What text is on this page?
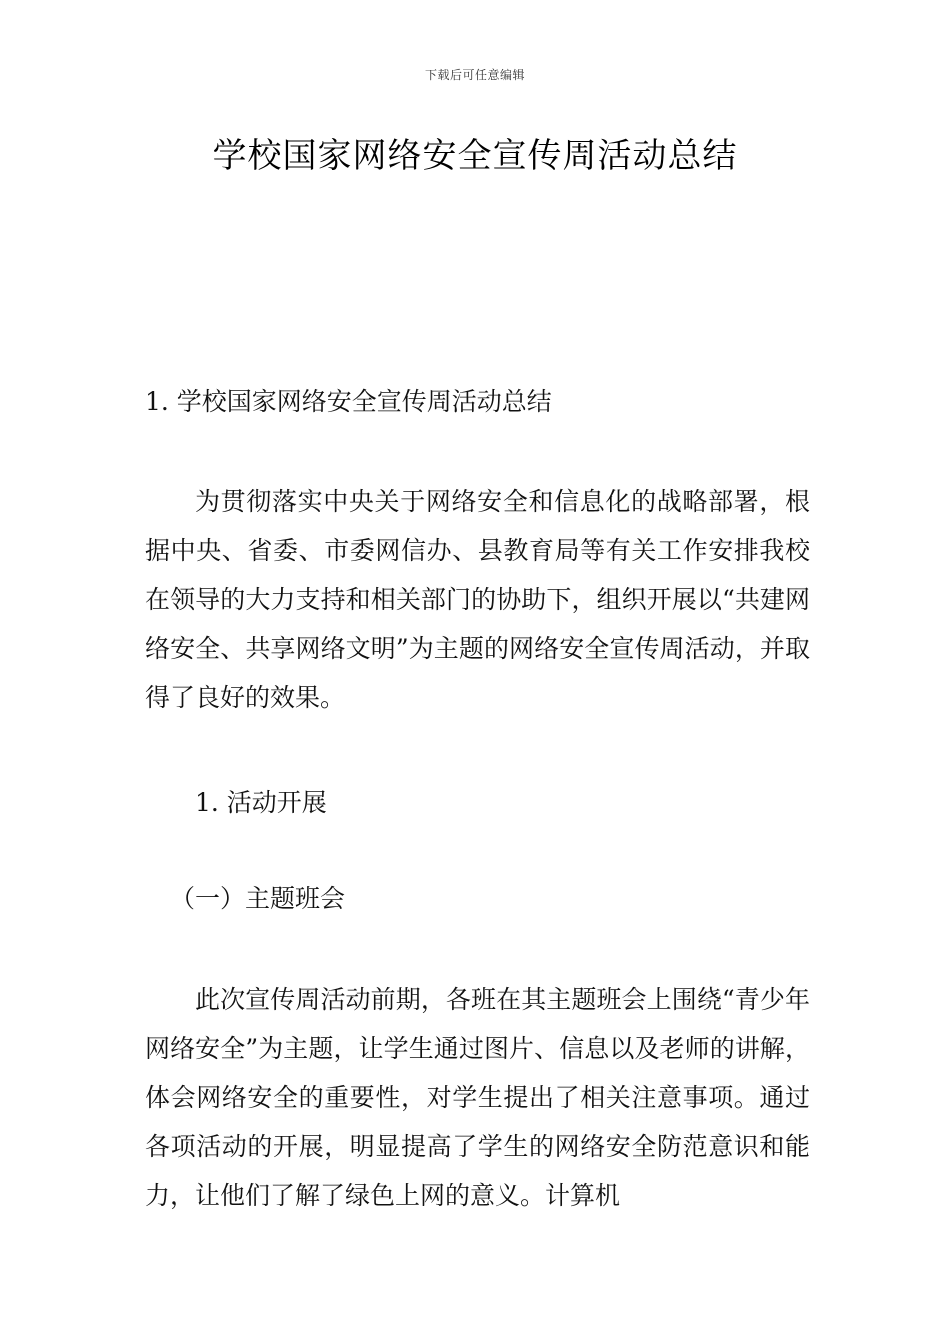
下载后可任意编辑
学校国家网络安全宣传周活动总结

1. 学校国家网络安全宣传周活动总结

为贯彻落实中央关于网络安全和信息化的战略部署，根据中央、省委、市委网信办、县教育局等有关工作安排我校在领导的大力支持和相关部门的协助下，组织开展以“共建网络安全、共享网络文明”为主题的网络安全宣传周活动，并取得了良好的效果。

1. 活动开展

（一）主题班会

此次宣传周活动前期，各班在其主题班会上围绕“青少年网络安全”为主题，让学生通过图片、信息以及老师的讲解，体会网络安全的重要性，对学生提出了相关注意事项。通过各项活动的开展，明显提高了学生的网络安全防范意识和能力，让他们了解了绿色上网的意义。计算机
